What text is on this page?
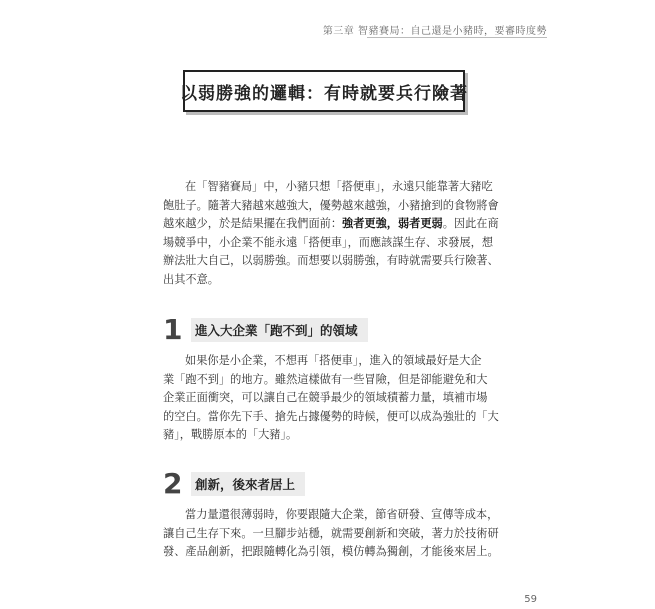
第三章 智豬賽局：自己還是小豬時，要審時度勢
以弱勝強的邏輯：有時就要兵行險著
在「智豬賽局」中，小豬只想「搭便車」，永遠只能靠著大豬吃
飽肚子。隨著大豬越來越強大，優勢越來越強，小豬搶到的食物將會
越來越少，於是結果擺在我們面前：強者更強，弱者更弱。因此在商
場競爭中，小企業不能永遠「搭便車」，而應該謀生存、求發展，想
辦法壯大自己，以弱勝強。而想要以弱勝強，有時就需要兵行險著、
出其不意。
1	進入大企業「跑不到」的領域
如果你是小企業，不想再「搭便車」，進入的領域最好是大企
業「跑不到」的地方。雖然這樣做有一些冒險，但是卻能避免和大
企業正面衝突，可以讓自己在競爭最少的領域積蓄力量，填補市場
的空白。當你先下手、搶先占據優勢的時候，便可以成為強壯的「大
豬」，戰勝原本的「大豬」。
2	創新，後來者居上
當力量還很薄弱時，你要跟隨大企業，節省研發、宣傳等成本，
讓自己生存下來。一旦腳步站穩，就需要創新和突破，著力於技術研
發、產品創新，把跟隨轉化為引領，模仿轉為獨創，才能後來居上。
59
